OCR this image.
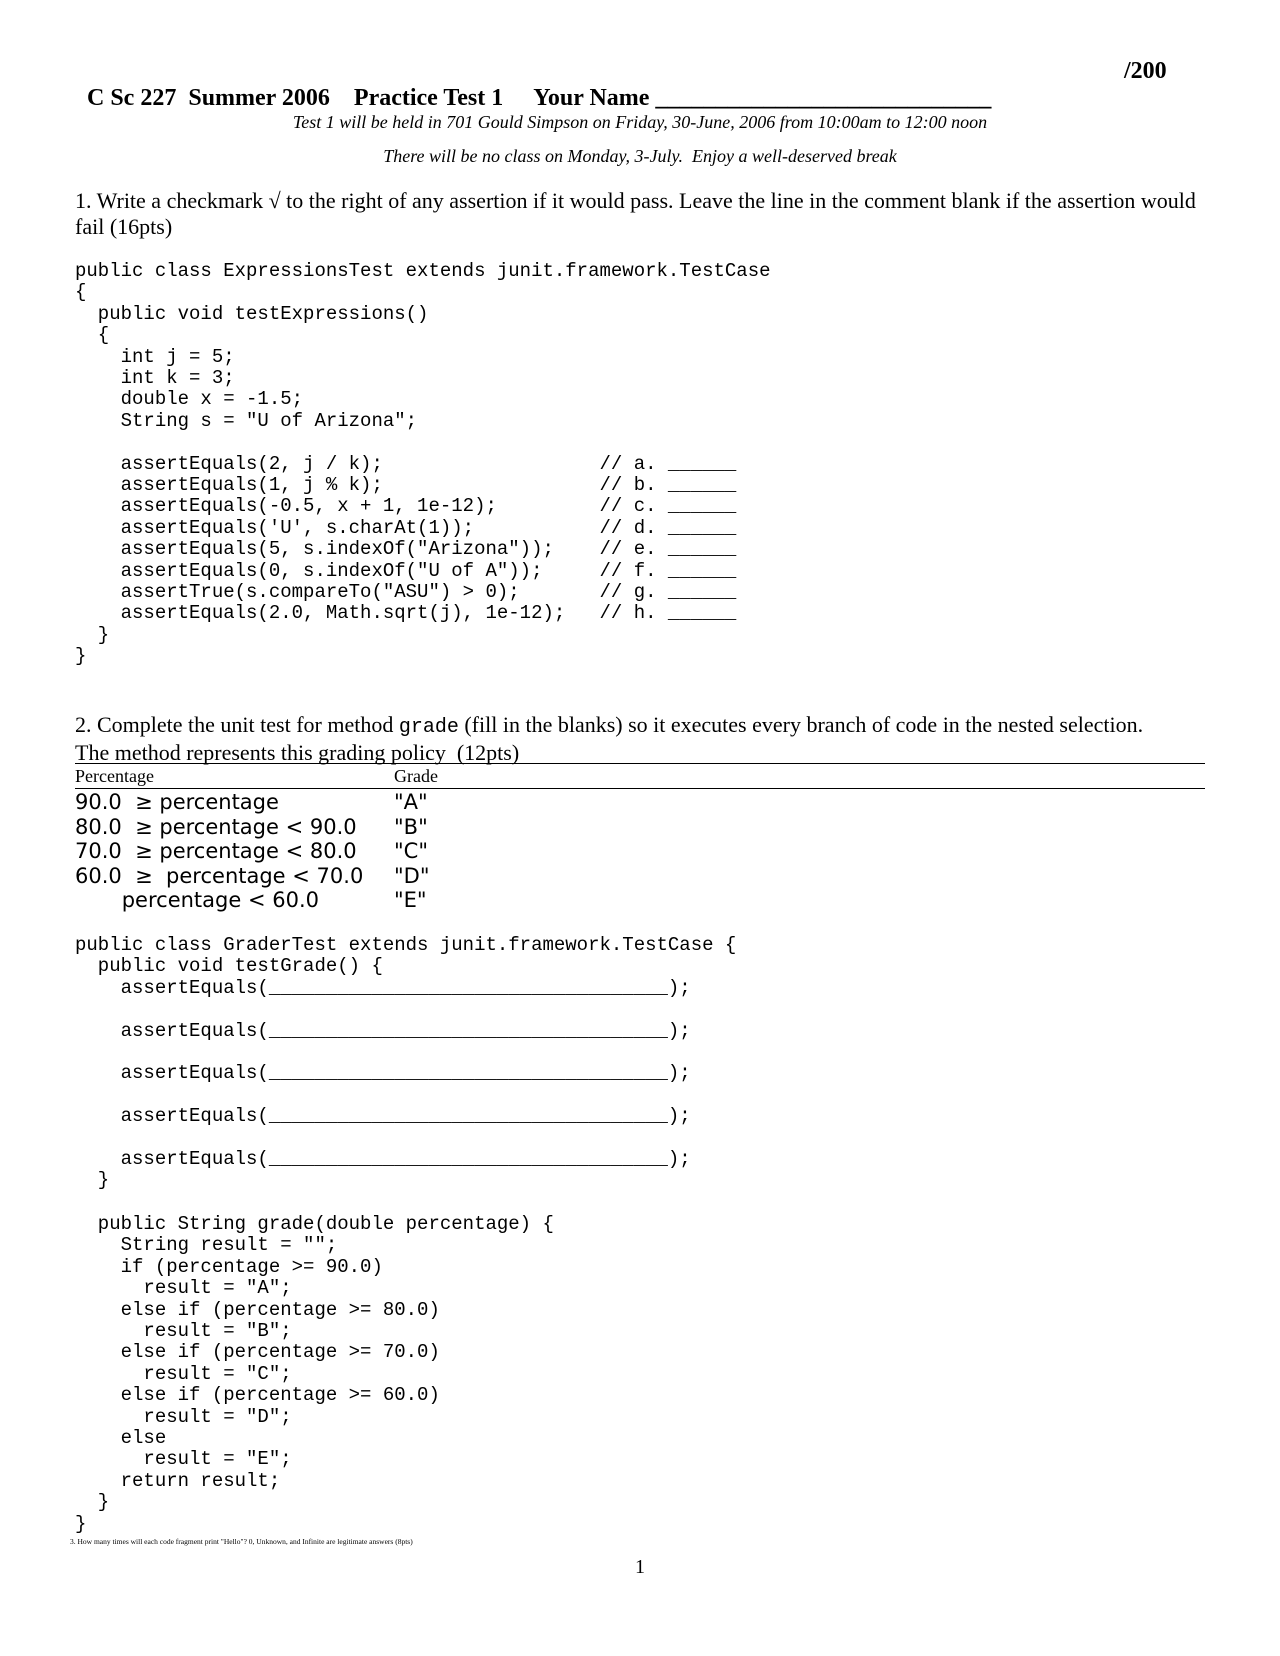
C Sc 227 Summer 2006 Practice Test 1 Your Name ____________________________

/200
Test 1 will be held in 701 Gould Simpson on Friday, 30-June, 2006 from 10:00am to 12:00 noon
There will be no class on Monday, 3-July.  Enjoy a well-deserved break
1. Write a checkmark √ to the right of any assertion if it would pass. Leave the line in the comment blank if the assertion would fail (16pts)
public class ExpressionsTest extends junit.framework.TestCase
{
public void testExpressions()
{
int j = 5;
int k = 3;
double x = -1.5;
String s = "U of Arizona";
assertEquals(2, j / k);                   // a. ______
assertEquals(1, j % k);                   // b. ______
assertEquals(-0.5, x + 1, 1e-12);         // c. ______
assertEquals('U', s.charAt(1));           // d. ______
assertEquals(5, s.indexOf("Arizona"));    // e. ______
assertEquals(0, s.indexOf("U of A"));     // f. ______
assertTrue(s.compareTo("ASU") > 0);       // g. ______
assertEquals(2.0, Math.sqrt(j), 1e-12);   // h. ______
}
}
2. Complete the unit test for method grade (fill in the blanks) so it executes every branch of code in the nested selection.
The method represents this grading policy  (12pts)
Percentage	Grade
90.0  ≥ percentage	"A"
80.0  ≥ percentage < 90.0 "B"
70.0  ≥ percentage < 80.0 "C"
60.0  ≥  percentage < 70.0 "D"
percentage < 60.0	"E"
public class GraderTest extends junit.framework.TestCase {
public void testGrade() {
assertEquals(___________________________________);
assertEquals(___________________________________);
assertEquals(___________________________________);
assertEquals(___________________________________);
assertEquals(___________________________________);
}
public String grade(double percentage) {
String result = "";
if (percentage >= 90.0)
result = "A";
else if (percentage >= 80.0)
result = "B";
else if (percentage >= 70.0)
result = "C";
else if (percentage >= 60.0)
result = "D";
else
result = "E";
return result;
}
}
3. How many times will each code fragment print "Hello"? 0, Unknown, and Infinite are legitimate answers (8pts)
1
